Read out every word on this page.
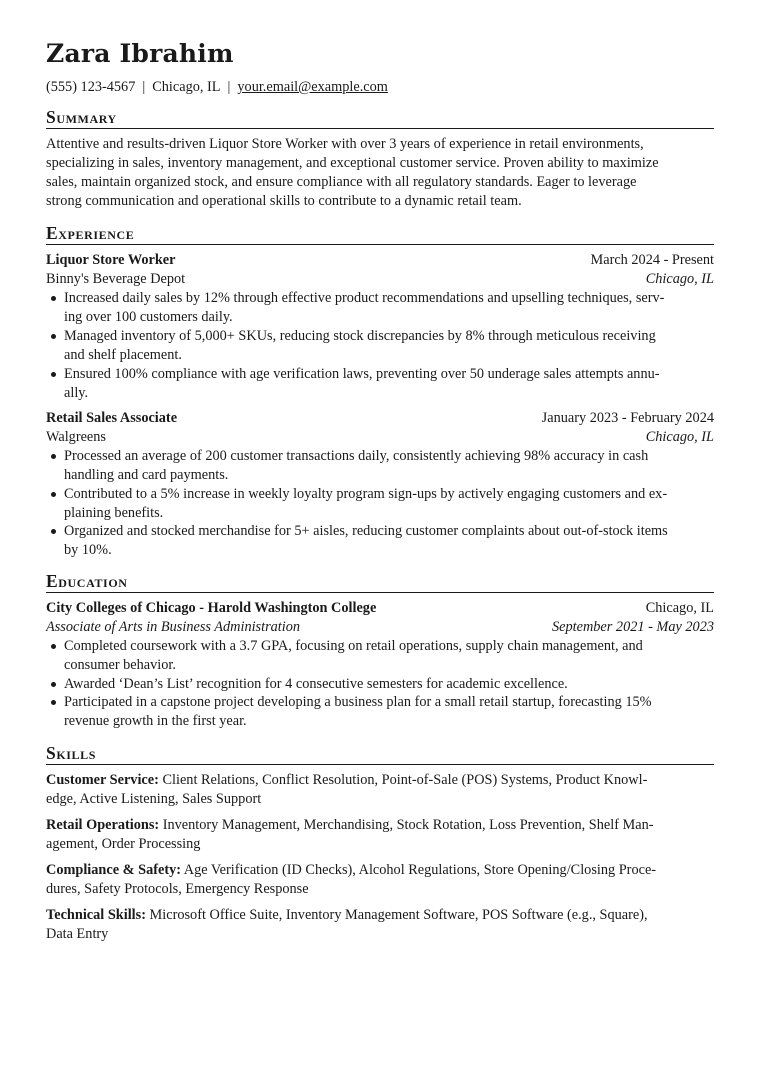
Zara Ibrahim
(555) 123-4567 | Chicago, IL | your.email@example.com
Summary
Attentive and results-driven Liquor Store Worker with over 3 years of experience in retail environments,
specializing in sales, inventory management, and exceptional customer service. Proven ability to maximize
sales, maintain organized stock, and ensure compliance with all regulatory standards. Eager to leverage
strong communication and operational skills to contribute to a dynamic retail team.
Experience
Liquor Store Worker	March 2024 - Present
Binny's Beverage Depot	Chicago, IL
Increased daily sales by 12% through effective product recommendations and upselling techniques, serv-
ing over 100 customers daily.
Managed inventory of 5,000+ SKUs, reducing stock discrepancies by 8% through meticulous receiving
and shelf placement.
Ensured 100% compliance with age verification laws, preventing over 50 underage sales attempts annu-
ally.
Retail Sales Associate	January 2023 - February 2024
Walgreens	Chicago, IL
Processed an average of 200 customer transactions daily, consistently achieving 98% accuracy in cash
handling and card payments.
Contributed to a 5% increase in weekly loyalty program sign-ups by actively engaging customers and ex-
plaining benefits.
Organized and stocked merchandise for 5+ aisles, reducing customer complaints about out-of-stock items
by 10%.
Education
City Colleges of Chicago - Harold Washington College	Chicago, IL
Associate of Arts in Business Administration	September 2021 - May 2023
Completed coursework with a 3.7 GPA, focusing on retail operations, supply chain management, and
consumer behavior.
Awarded ‘Dean’s List’ recognition for 4 consecutive semesters for academic excellence.
Participated in a capstone project developing a business plan for a small retail startup, forecasting 15%
revenue growth in the first year.
Skills
Customer Service: Client Relations, Conflict Resolution, Point-of-Sale (POS) Systems, Product Knowl-
edge, Active Listening, Sales Support
Retail Operations: Inventory Management, Merchandising, Stock Rotation, Loss Prevention, Shelf Man-
agement, Order Processing
Compliance & Safety: Age Verification (ID Checks), Alcohol Regulations, Store Opening/Closing Proce-
dures, Safety Protocols, Emergency Response
Technical Skills: Microsoft Office Suite, Inventory Management Software, POS Software (e.g., Square),
Data Entry
